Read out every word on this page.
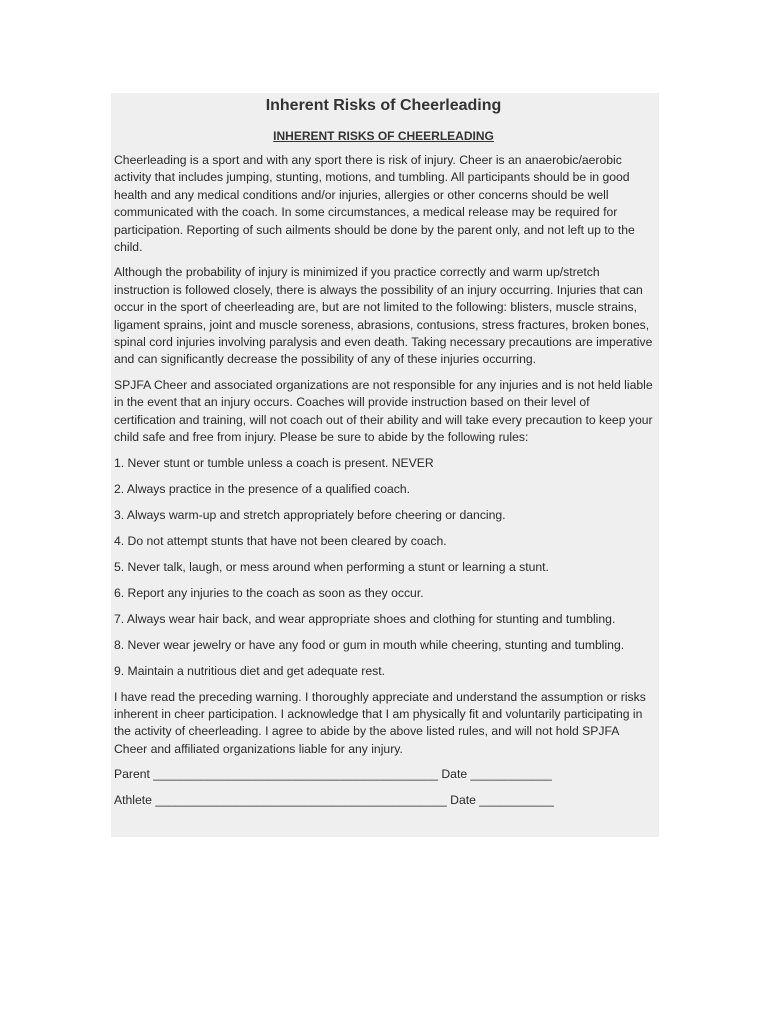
Inherent Risks of Cheerleading
INHERENT RISKS OF CHEERLEADING

Cheerleading is a sport and with any sport there is risk of injury. Cheer is an anaerobic/aerobic activity that includes jumping, stunting, motions, and tumbling. All participants should be in good health and any medical conditions and/or injuries, allergies or other concerns should be well communicated with the coach. In some circumstances, a medical release may be required for participation. Reporting of such ailments should be done by the parent only, and not left up to the child.

Although the probability of injury is minimized if you practice correctly and warm up/stretch instruction is followed closely, there is always the possibility of an injury occurring. Injuries that can occur in the sport of cheerleading are, but are not limited to the following: blisters, muscle strains, ligament sprains, joint and muscle soreness, abrasions, contusions, stress fractures, broken bones, spinal cord injuries involving paralysis and even death. Taking necessary precautions are imperative and can significantly decrease the possibility of any of these injuries occurring.

SPJFA Cheer and associated organizations are not responsible for any injuries and is not held liable in the event that an injury occurs. Coaches will provide instruction based on their level of certification and training, will not coach out of their ability and will take every precaution to keep your child safe and free from injury. Please be sure to abide by the following rules:

1. Never stunt or tumble unless a coach is present. NEVER

2. Always practice in the presence of a qualified coach.

3. Always warm-up and stretch appropriately before cheering or dancing.

4. Do not attempt stunts that have not been cleared by coach.

5. Never talk, laugh, or mess around when performing a stunt or learning a stunt.

6. Report any injuries to the coach as soon as they occur.

7. Always wear hair back, and wear appropriate shoes and clothing for stunting and tumbling.

8. Never wear jewelry or have any food or gum in mouth while cheering, stunting and tumbling.

9. Maintain a nutritious diet and get adequate rest.

I have read the preceding warning. I thoroughly appreciate and understand the assumption or risks inherent in cheer participation. I acknowledge that I am physically fit and voluntarily participating in the activity of cheerleading. I agree to abide by the above listed rules, and will not hold SPJFA Cheer and affiliated organizations liable for any injury.

Parent __________________________________________ Date ____________

Athlete ___________________________________________ Date ___________
